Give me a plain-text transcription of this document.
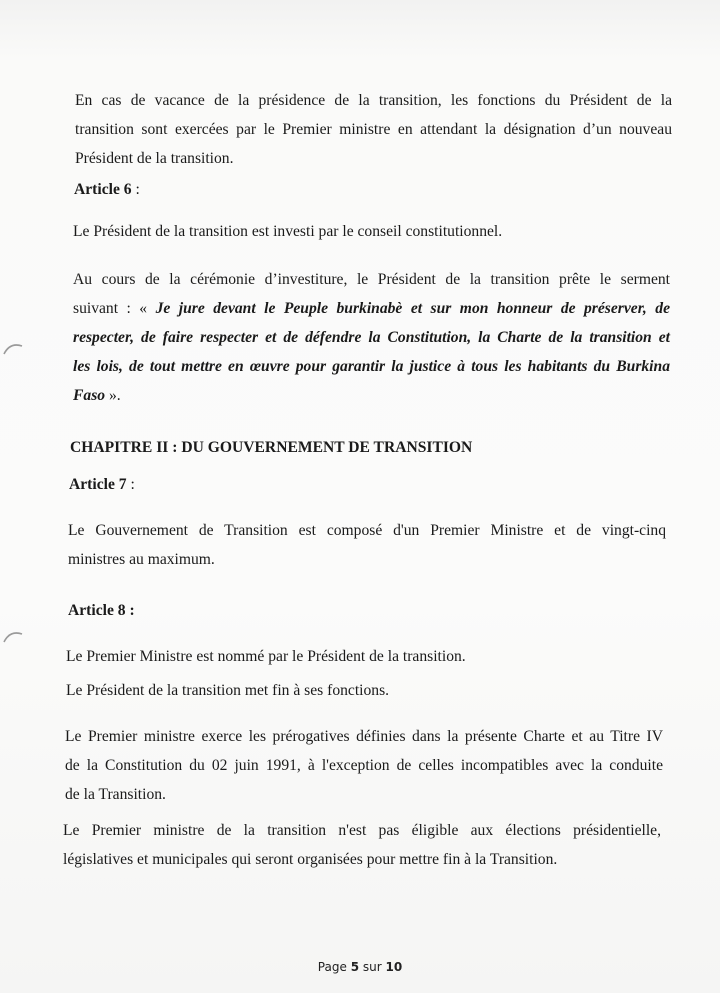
En cas de vacance de la présidence de la transition, les fonctions du Président de la
transition sont exercées par le Premier ministre en attendant la désignation d’un nouveau
Président de la transition.
Article 6 :
Le Président de la transition est investi par le conseil constitutionnel.
Au cours de la cérémonie d’investiture, le Président de la transition prête le serment
suivant : « Je jure devant le Peuple burkinabè et sur mon honneur de préserver, de
respecter, de faire respecter et de défendre la Constitution, la Charte de la transition et
les lois, de tout mettre en œuvre pour garantir la justice à tous les habitants du Burkina
Faso ».
CHAPITRE II : DU GOUVERNEMENT DE TRANSITION
Article 7 :
Le Gouvernement de Transition est composé d'un Premier Ministre et de vingt-cinq
ministres au maximum.
Article 8 :
Le Premier Ministre est nommé par le Président de la transition.
Le Président de la transition met fin à ses fonctions.
Le Premier ministre exerce les prérogatives définies dans la présente Charte et au Titre IV
de la Constitution du 02 juin 1991, à l'exception de celles incompatibles avec la conduite
de la Transition.
Le Premier ministre de la transition n'est pas éligible aux élections présidentielle,
législatives et municipales qui seront organisées pour mettre fin à la Transition.
Page 5 sur 10
